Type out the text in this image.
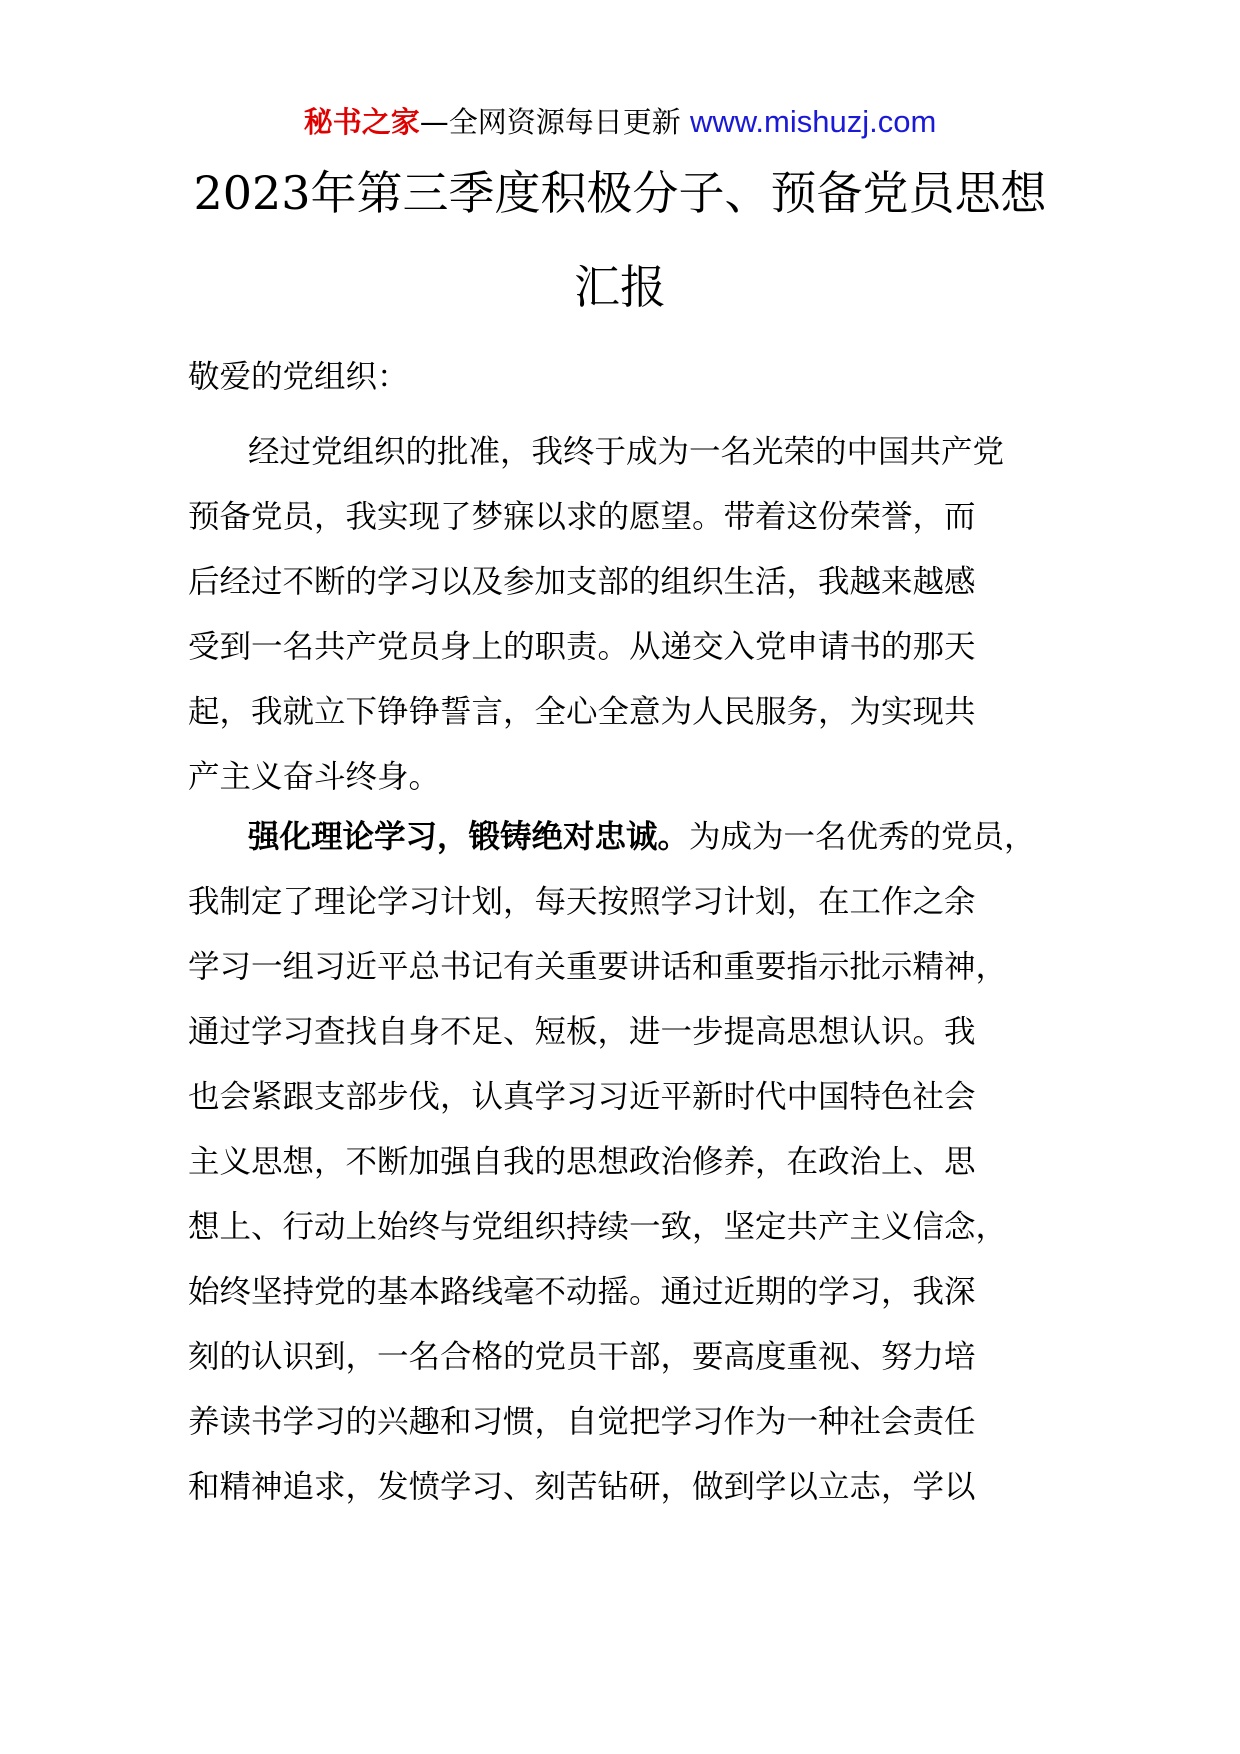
秘书之家—全网资源每日更新 www.mishuzj.com
2023年第三季度积极分子、预备党员思想
汇报
敬爱的党组织：
经过党组织的批准，我终于成为一名光荣的中国共产党
预备党员，我实现了梦寐以求的愿望。带着这份荣誉，而
后经过不断的学习以及参加支部的组织生活，我越来越感
受到一名共产党员身上的职责。从递交入党申请书的那天
起，我就立下铮铮誓言，全心全意为人民服务，为实现共
产主义奋斗终身。
强化理论学习，锻铸绝对忠诚。为成为一名优秀的党员，
我制定了理论学习计划，每天按照学习计划，在工作之余
学习一组习近平总书记有关重要讲话和重要指示批示精神，
通过学习查找自身不足、短板，进一步提高思想认识。我
也会紧跟支部步伐，认真学习习近平新时代中国特色社会
主义思想，不断加强自我的思想政治修养，在政治上、思
想上、行动上始终与党组织持续一致，坚定共产主义信念，
始终坚持党的基本路线毫不动摇。通过近期的学习，我深
刻的认识到，一名合格的党员干部，要高度重视、努力培
养读书学习的兴趣和习惯，自觉把学习作为一种社会责任
和精神追求，发愤学习、刻苦钻研，做到学以立志，学以
